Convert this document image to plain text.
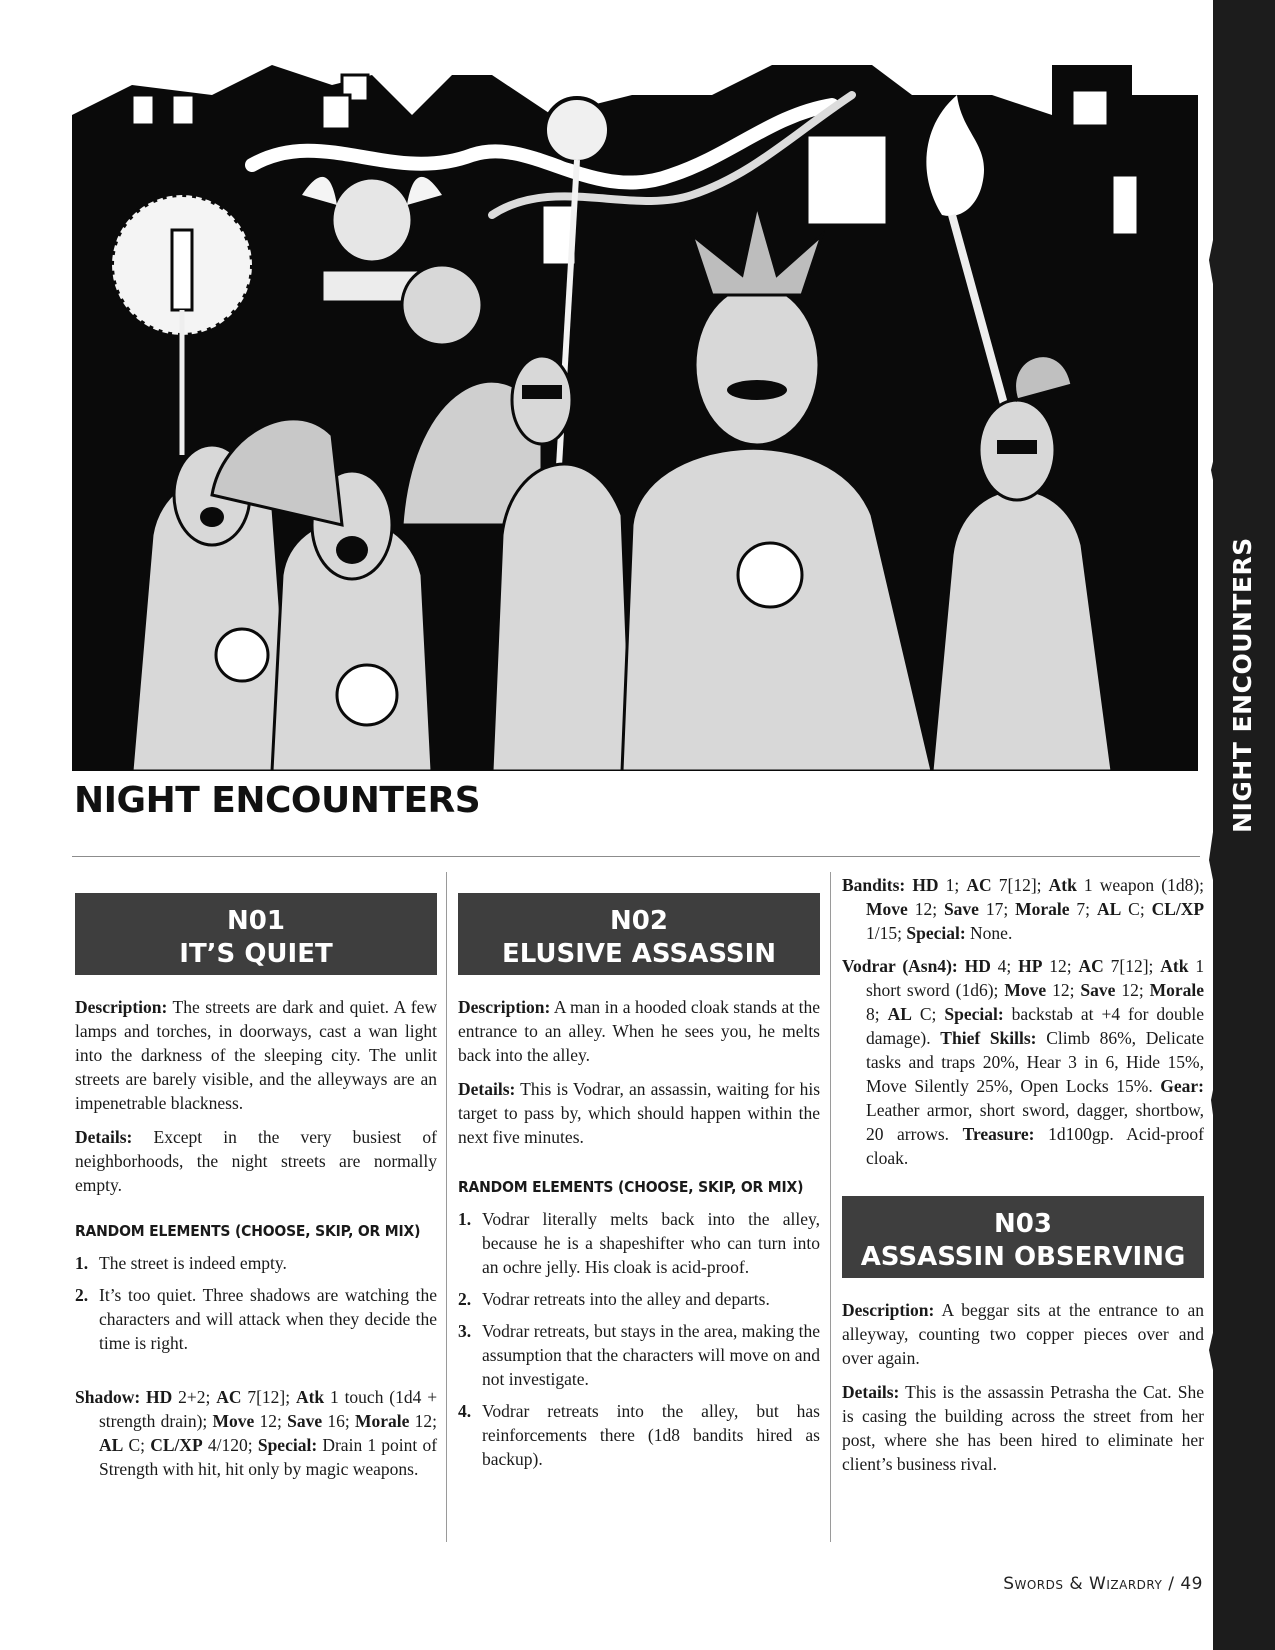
NIGHT ENCOUNTERS
NIGHT ENCOUNTERS
N01
IT’S QUIET

Description: The streets are dark and quiet. A few lamps and torches, in doorways, cast a wan light into the darkness of the sleeping city. The unlit streets are barely visible, and the alleyways are an impenetrable blackness.

Details: Except in the very busiest of neighborhoods, the night streets are normally empty.

RANDOM ELEMENTS (CHOOSE, SKIP, OR MIX)
1. The street is indeed empty.
2. It’s too quiet. Three shadows are watching the characters and will attack when they decide the time is right.

Shadow: HD 2+2; AC 7[12]; Atk 1 touch (1d4 + strength drain); Move 12; Save 16; Morale 12; AL C; CL/XP 4/120; Special: Drain 1 point of Strength with hit, hit only by magic weapons.

N02
ELUSIVE ASSASSIN

Description: A man in a hooded cloak stands at the entrance to an alley. When he sees you, he melts back into the alley.

Details: This is Vodrar, an assassin, waiting for his target to pass by, which should happen within the next five minutes.

RANDOM ELEMENTS (CHOOSE, SKIP, OR MIX)
1. Vodrar literally melts back into the alley, because he is a shapeshifter who can turn into an ochre jelly. His cloak is acid-proof.
2. Vodrar retreats into the alley and departs.
3. Vodrar retreats, but stays in the area, making the assumption that the characters will move on and not investigate.
4. Vodrar retreats into the alley, but has reinforcements there (1d8 bandits hired as backup).

Bandits: HD 1; AC 7[12]; Atk 1 weapon (1d8); Move 12; Save 17; Morale 7; AL C; CL/XP 1/15; Special: None.

Vodrar (Asn4): HD 4; HP 12; AC 7[12]; Atk 1 short sword (1d6); Move 12; Save 12; Morale 8; AL C; Special: backstab at +4 for double damage). Thief Skills: Climb 86%, Delicate tasks and traps 20%, Hear 3 in 6, Hide 15%, Move Silently 25%, Open Locks 15%. Gear: Leather armor, short sword, dagger, shortbow, 20 arrows. Treasure: 1d100gp. Acid-proof cloak.

N03
ASSASSIN OBSERVING

Description: A beggar sits at the entrance to an alleyway, counting two copper pieces over and over again.

Details: This is the assassin Petrasha the Cat. She is casing the building across the street from her post, where she has been hired to eliminate her client’s business rival.

Swords & Wizardry / 49
